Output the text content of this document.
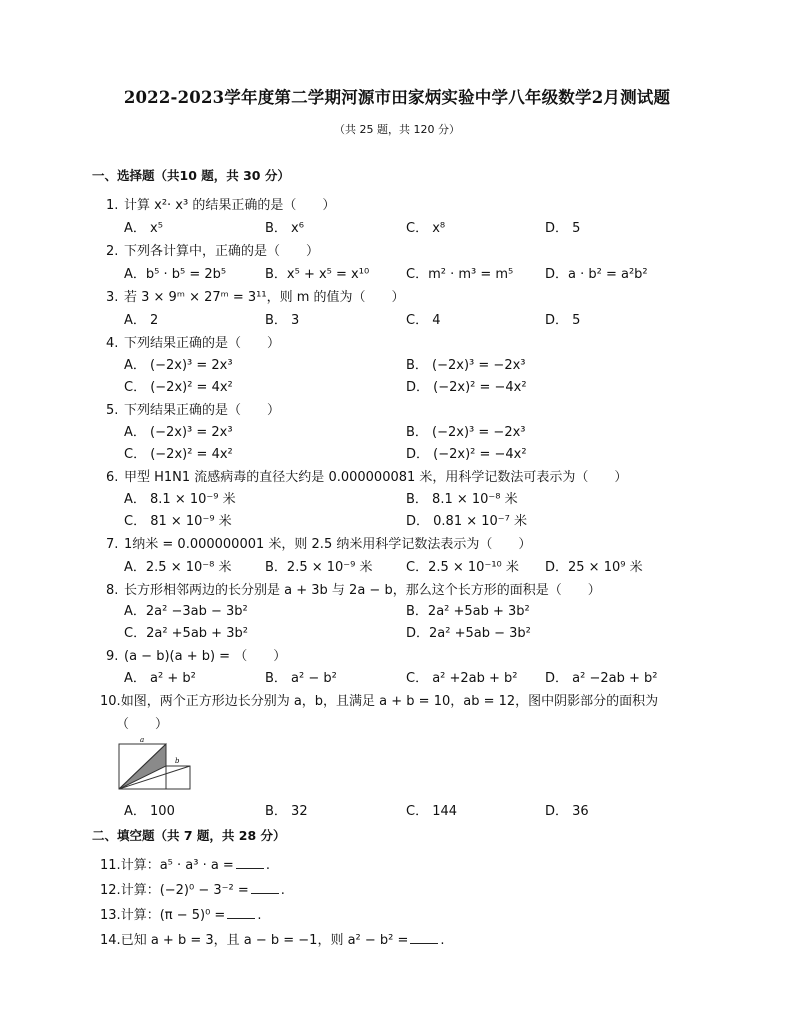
2022-2023学年度第二学期河源市田家炳实验中学八年级数学2月测试题
（共 25 题，共 120 分）
一、选择题（共10 题，共 30 分）
1. 计算 x²· x³ 的结果正确的是（　　）
A． x⁵	B． x⁶	C． x⁸	D． 5
2. 下列各计算中，正确的是（　　）
A．b⁵ · b⁵ = 2b⁵	B．x⁵ + x⁵ = x¹⁰	C．m² · m³ = m⁵ D．a · b² = a²b²
3. 若 3 × 9ᵐ × 27ᵐ = 3¹¹，则 m 的值为（　　）
A． 2	B． 3	C． 4	D． 5
4. 下列结果正确的是（　　）
A． (−2x)³ = 2x³	B． (−2x)³ = −2x³
C． (−2x)² = 4x²	D． (−2x)² = −4x²
5. 下列结果正确的是（　　）
A． (−2x)³ = 2x³	B． (−2x)³ = −2x³
C． (−2x)² = 4x²	D． (−2x)² = −4x²
6. 甲型 H1N1 流感病毒的直径大约是 0.000000081 米，用科学记数法可表示为（　　）
A． 8.1 × 10⁻⁹ 米	B． 8.1 × 10⁻⁸ 米
C． 81 × 10⁻⁹ 米	D． 0.81 × 10⁻⁷ 米
7. 1纳米 = 0.000000001 米，则 2.5 纳米用科学记数法表示为（　　）
A．2.5 × 10⁻⁸ 米	B．2.5 × 10⁻⁹ 米	C．2.5 × 10⁻¹⁰ 米 D．25 × 10⁹ 米
8. 长方形相邻两边的长分别是 a + 3b 与 2a − b，那么这个长方形的面积是（　　）
A．2a² −3ab − 3b²	B．2a² +5ab + 3b²
C．2a² +5ab + 3b²	D．2a² +5ab − 3b²
9. (a − b)(a + b) = （　　）
A． a² + b²	B． a² − b²	C． a² +2ab + b² D． a² −2ab + b²
10.如图，两个正方形边长分别为 a，b，且满足 a + b = 10，ab = 12，图中阴影部分的面积为
（　　）
a
b
A． 100	B． 32	C． 144	D． 36
二、填空题（共 7 题，共 28 分）
11.计算：a⁵ · a³ · a = .
12.计算：(−2)⁰ − 3⁻² = .
13.计算：(π − 5)⁰ = .
14.已知 a + b = 3，且 a − b = −1，则 a² − b² = .
